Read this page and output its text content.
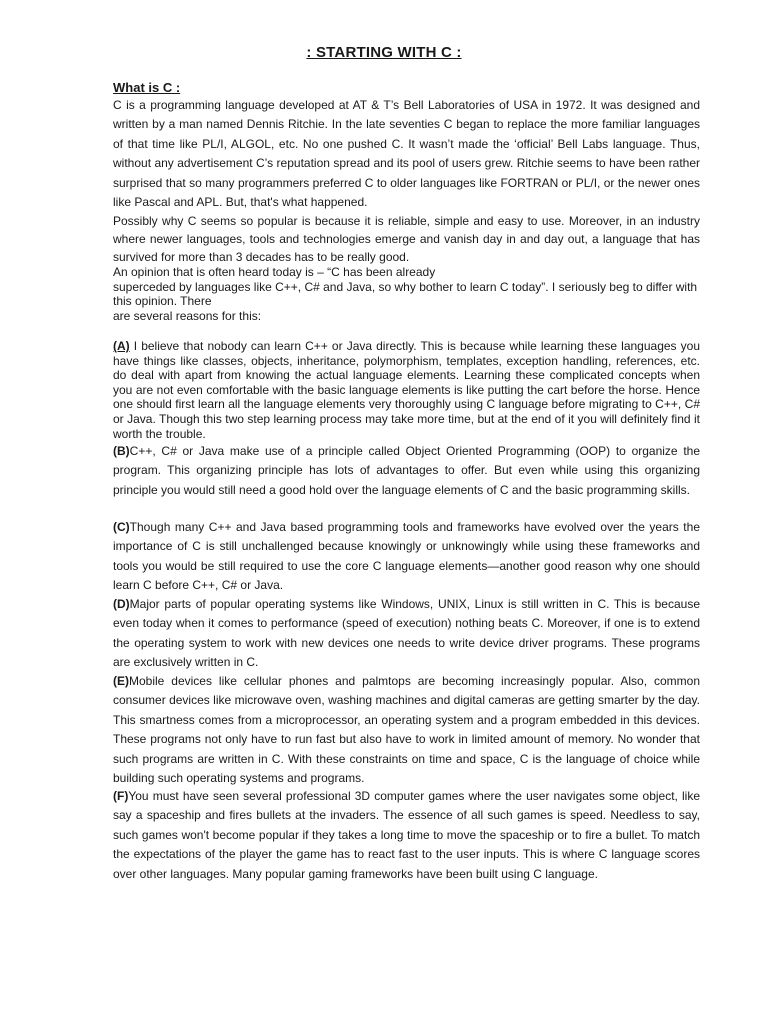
: STARTING WITH C :
What is C :

C is a programming language developed at AT & T’s Bell Laboratories of USA in 1972. It was designed and written by a man named Dennis Ritchie. In the late seventies C began to replace the more familiar languages of that time like PL/I, ALGOL, etc. No one pushed C. It wasn’t made the ‘official’ Bell Labs language. Thus, without any advertisement C’s reputation spread and its pool of users grew. Ritchie seems to have been rather surprised that so many programmers preferred C to older languages like FORTRAN or PL/I, or the newer ones like Pascal and APL. But, that's what happened.

Possibly why C seems so popular is because it is reliable, simple and easy to use. Moreover, in an industry where newer languages, tools and technologies emerge and vanish day in and day out, a language that has survived for more than 3 decades has to be really good.

An opinion that is often heard today is – “C has been already

superceded by languages like C++, C# and Java, so why bother to learn C today”. I seriously beg to differ with this opinion. There

are several reasons for this:

(A) I believe that nobody can learn C++ or Java directly. This is because while learning these languages you have things like classes, objects, inheritance, polymorphism, templates, exception handling, references, etc. do deal with apart from knowing the actual language elements. Learning these complicated concepts when you are not even comfortable with the basic language elements is like putting the cart before the horse. Hence one should first learn all the language elements very thoroughly using C language before migrating to C++, C# or Java. Though this two step learning process may take more time, but at the end of it you will definitely find it worth the trouble.

(B)C++, C# or Java make use of a principle called Object Oriented Programming (OOP) to organize the program. This organizing principle has lots of advantages to offer. But even while using this organizing principle you would still need a good hold over the language elements of C and the basic programming skills.

(C)Though many C++ and Java based programming tools and frameworks have evolved over the years the importance of C is still unchallenged because knowingly or unknowingly while using these frameworks and tools you would be still required to use the core C language elements—another good reason why one should learn C before C++, C# or Java.

(D)Major parts of popular operating systems like Windows, UNIX, Linux is still written in C. This is because even today when it comes to performance (speed of execution) nothing beats C. Moreover, if one is to extend the operating system to work with new devices one needs to write device driver programs. These programs are exclusively written in C.

(E)Mobile devices like cellular phones and palmtops are becoming increasingly popular. Also, common consumer devices like microwave oven, washing machines and digital cameras are getting smarter by the day. This smartness comes from a microprocessor, an operating system and a program embedded in this devices. These programs not only have to run fast but also have to work in limited amount of memory. No wonder that such programs are written in C. With these constraints on time and space, C is the language of choice while building such operating systems and programs.

(F)You must have seen several professional 3D computer games where the user navigates some object, like say a spaceship and fires bullets at the invaders. The essence of all such games is speed. Needless to say, such games won't become popular if they takes a long time to move the spaceship or to fire a bullet. To match the expectations of the player the game has to react fast to the user inputs. This is where C language scores over other languages. Many popular gaming frameworks have been built using C language.
